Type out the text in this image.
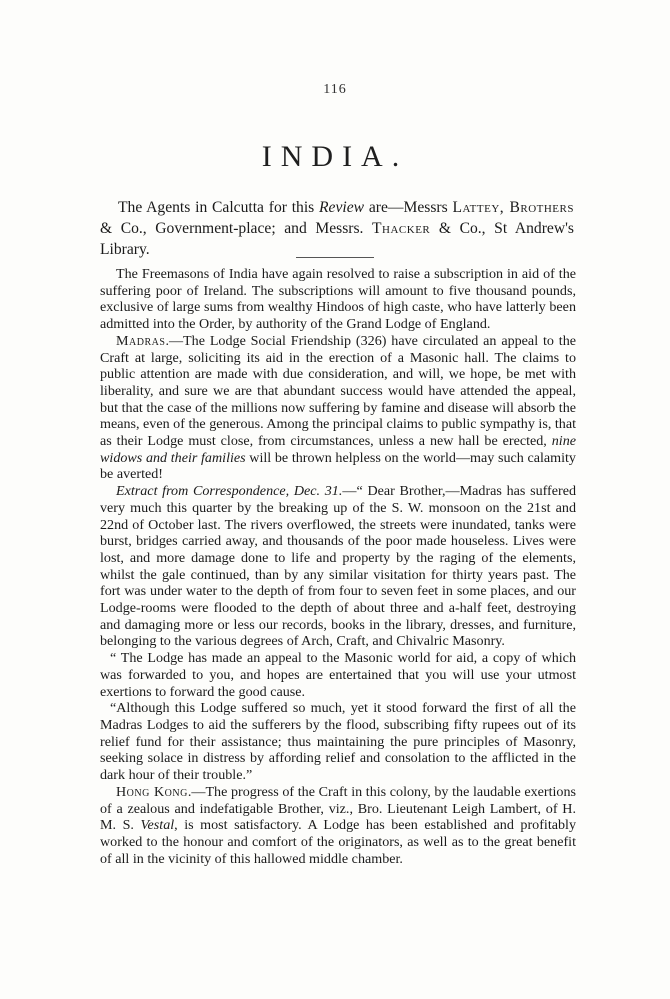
116
INDIA.

The Agents in Calcutta for this Review are—Messrs Lattey, Brothers & Co., Government-place; and Messrs. Thacker & Co., St Andrew's Library.

The Freemasons of India have again resolved to raise a subscription in aid of the suffering poor of Ireland. The subscriptions will amount to five thousand pounds, exclusive of large sums from wealthy Hindoos of high caste, who have latterly been admitted into the Order, by authority of the Grand Lodge of England.

Madras.—The Lodge Social Friendship (326) have circulated an appeal to the Craft at large, soliciting its aid in the erection of a Masonic hall. The claims to public attention are made with due consideration, and will, we hope, be met with liberality, and sure we are that abundant success would have attended the appeal, but that the case of the millions now suffering by famine and disease will absorb the means, even of the generous. Among the principal claims to public sympathy is, that as their Lodge must close, from circumstances, unless a new hall be erected, nine widows and their families will be thrown helpless on the world—may such calamity be averted!

Extract from Correspondence, Dec. 31.—“ Dear Brother,—Madras has suffered very much this quarter by the breaking up of the S. W. monsoon on the 21st and 22nd of October last. The rivers overflowed, the streets were inundated, tanks were burst, bridges carried away, and thousands of the poor made houseless. Lives were lost, and more damage done to life and property by the raging of the elements, whilst the gale continued, than by any similar visitation for thirty years past. The fort was under water to the depth of from four to seven feet in some places, and our Lodge-rooms were flooded to the depth of about three and a-half feet, destroying and damaging more or less our records, books in the library, dresses, and furniture, belonging to the various degrees of Arch, Craft, and Chivalric Masonry.

“ The Lodge has made an appeal to the Masonic world for aid, a copy of which was forwarded to you, and hopes are entertained that you will use your utmost exertions to forward the good cause.

“Although this Lodge suffered so much, yet it stood forward the first of all the Madras Lodges to aid the sufferers by the flood, subscribing fifty rupees out of its relief fund for their assistance; thus maintaining the pure principles of Masonry, seeking solace in distress by affording relief and consolation to the afflicted in the dark hour of their trouble.”

Hong Kong.—The progress of the Craft in this colony, by the laudable exertions of a zealous and indefatigable Brother, viz., Bro. Lieutenant Leigh Lambert, of H. M. S. Vestal, is most satisfactory. A Lodge has been established and profitably worked to the honour and comfort of the originators, as well as to the great benefit of all in the vicinity of this hallowed middle chamber.
